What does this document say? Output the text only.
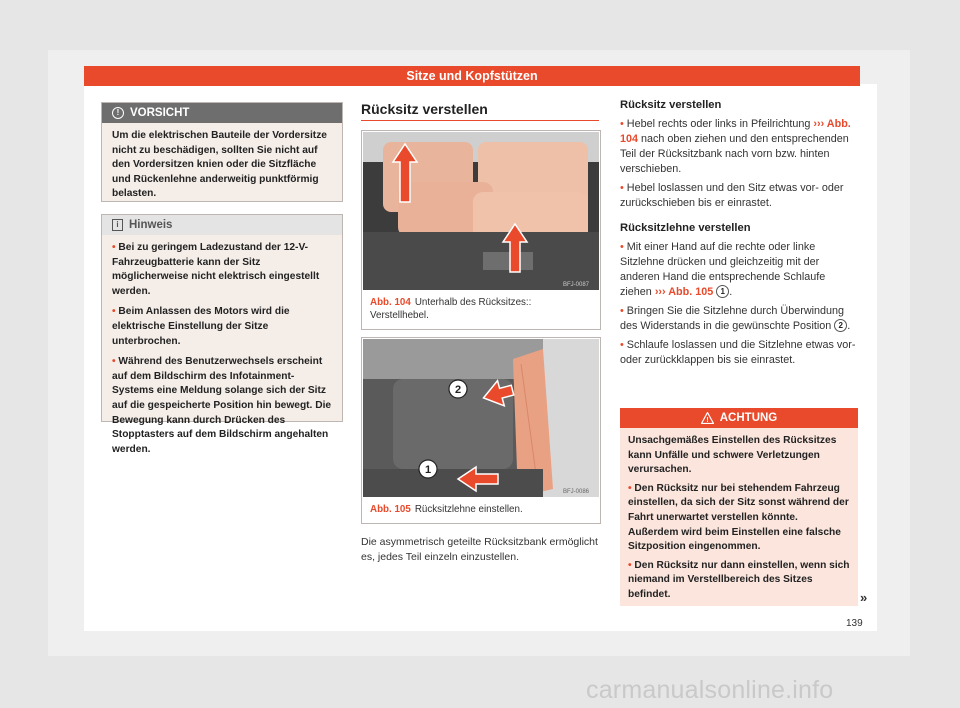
Sitze und Kopfstützen
! VORSICHT

Um die elektrischen Bauteile der Vordersitze nicht zu beschädigen, sollten Sie nicht auf den Vordersitzen knien oder die Sitzfläche und Rückenlehne anderweitig punktförmig belasten.

i Hinweis

• Bei zu geringem Ladezustand der 12-V-Fahrzeugbatterie kann der Sitz möglicherweise nicht elektrisch eingestellt werden.

• Beim Anlassen des Motors wird die elektrische Einstellung der Sitze unterbrochen.

• Während des Benutzerwechsels erscheint auf dem Bildschirm des Infotainment-Systems eine Meldung solange sich der Sitz auf die gespeicherte Position hin bewegt. Die Bewegung kann durch Drücken des Stopptasters auf dem Bildschirm angehalten werden.

Rücksitz verstellen
BFJ-0087
Abb. 104 Unterhalb des Rücksitzes:: Verstellhebel.
2
1
BFJ-0086
Abb. 105 Rücksitzlehne einstellen.
Die asymmetrisch geteilte Rücksitzbank ermöglicht es, jedes Teil einzeln einzustellen.
Rücksitz verstellen

• Hebel rechts oder links in Pfeilrichtung ››› Abb. 104 nach oben ziehen und den entsprechenden Teil der Rücksitzbank nach vorn bzw. hinten verschieben.

• Hebel loslassen und den Sitz etwas vor- oder zurückschieben bis er einrastet.

Rücksitzlehne verstellen

• Mit einer Hand auf die rechte oder linke Sitzlehne drücken und gleichzeitig mit der anderen Hand die entsprechende Schlaufe ziehen ››› Abb. 105 1 .

• Bringen Sie die Sitzlehne durch Überwindung des Widerstands in die gewünschte Position 2 .

• Schlaufe loslassen und die Sitzlehne etwas vor- oder zurückklappen bis sie einrastet.

! ACHTUNG

Unsachgemäßes Einstellen des Rücksitzes kann Unfälle und schwere Verletzungen verursachen.

• Den Rücksitz nur bei stehendem Fahrzeug einstellen, da sich der Sitz sonst während der Fahrt unerwartet verstellen könnte. Außerdem wird beim Einstellen eine falsche Sitzposition eingenommen.

• Den Rücksitz nur dann einstellen, wenn sich niemand im Verstellbereich des Sitzes befindet.	»
139
carmanualsonline.info
